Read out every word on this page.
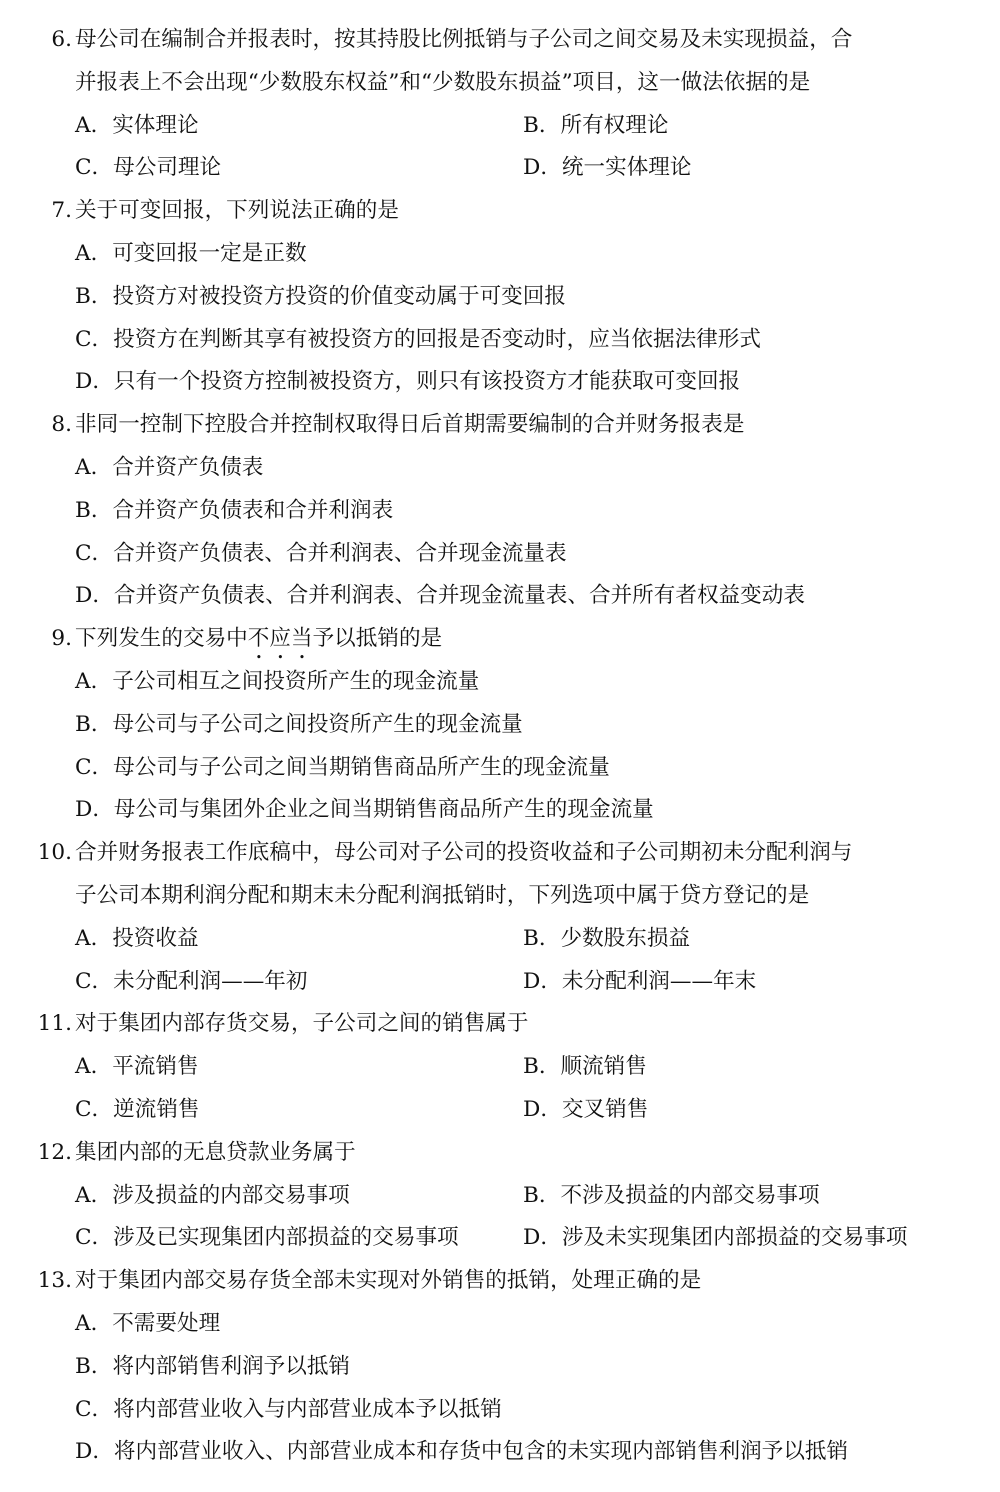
6. 母公司在编制合并报表时，按其持股比例抵销与子公司之间交易及未实现损益，合
并报表上不会出现“少数股东权益”和“少数股东损益”项目，这一做法依据的是
A．实体理论	B．所有权理论
C．母公司理论	D．统一实体理论
7. 关于可变回报，下列说法正确的是
A．可变回报一定是正数
B．投资方对被投资方投资的价值变动属于可变回报
C．投资方在判断其享有被投资方的回报是否变动时，应当依据法律形式
D．只有一个投资方控制被投资方，则只有该投资方才能获取可变回报
8. 非同一控制下控股合并控制权取得日后首期需要编制的合并财务报表是
A．合并资产负债表
B．合并资产负债表和合并利润表
C．合并资产负债表、合并利润表、合并现金流量表
D．合并资产负债表、合并利润表、合并现金流量表、合并所有者权益变动表
9. 下列发生的交易中不应当予以抵销的是
A．子公司相互之间投资所产生的现金流量
B．母公司与子公司之间投资所产生的现金流量
C．母公司与子公司之间当期销售商品所产生的现金流量
D．母公司与集团外企业之间当期销售商品所产生的现金流量
10. 合并财务报表工作底稿中，母公司对子公司的投资收益和子公司期初未分配利润与
子公司本期利润分配和期末未分配利润抵销时，下列选项中属于贷方登记的是
A．投资收益	B．少数股东损益
C．未分配利润——年初	D．未分配利润——年末
11. 对于集团内部存货交易，子公司之间的销售属于
A．平流销售	B．顺流销售
C．逆流销售	D．交叉销售
12. 集团内部的无息贷款业务属于
A．涉及损益的内部交易事项	B．不涉及损益的内部交易事项
C．涉及已实现集团内部损益的交易事项	D．涉及未实现集团内部损益的交易事项
13. 对于集团内部交易存货全部未实现对外销售的抵销，处理正确的是
A．不需要处理
B．将内部销售利润予以抵销
C．将内部营业收入与内部营业成本予以抵销
D．将内部营业收入、内部营业成本和存货中包含的未实现内部销售利润予以抵销
